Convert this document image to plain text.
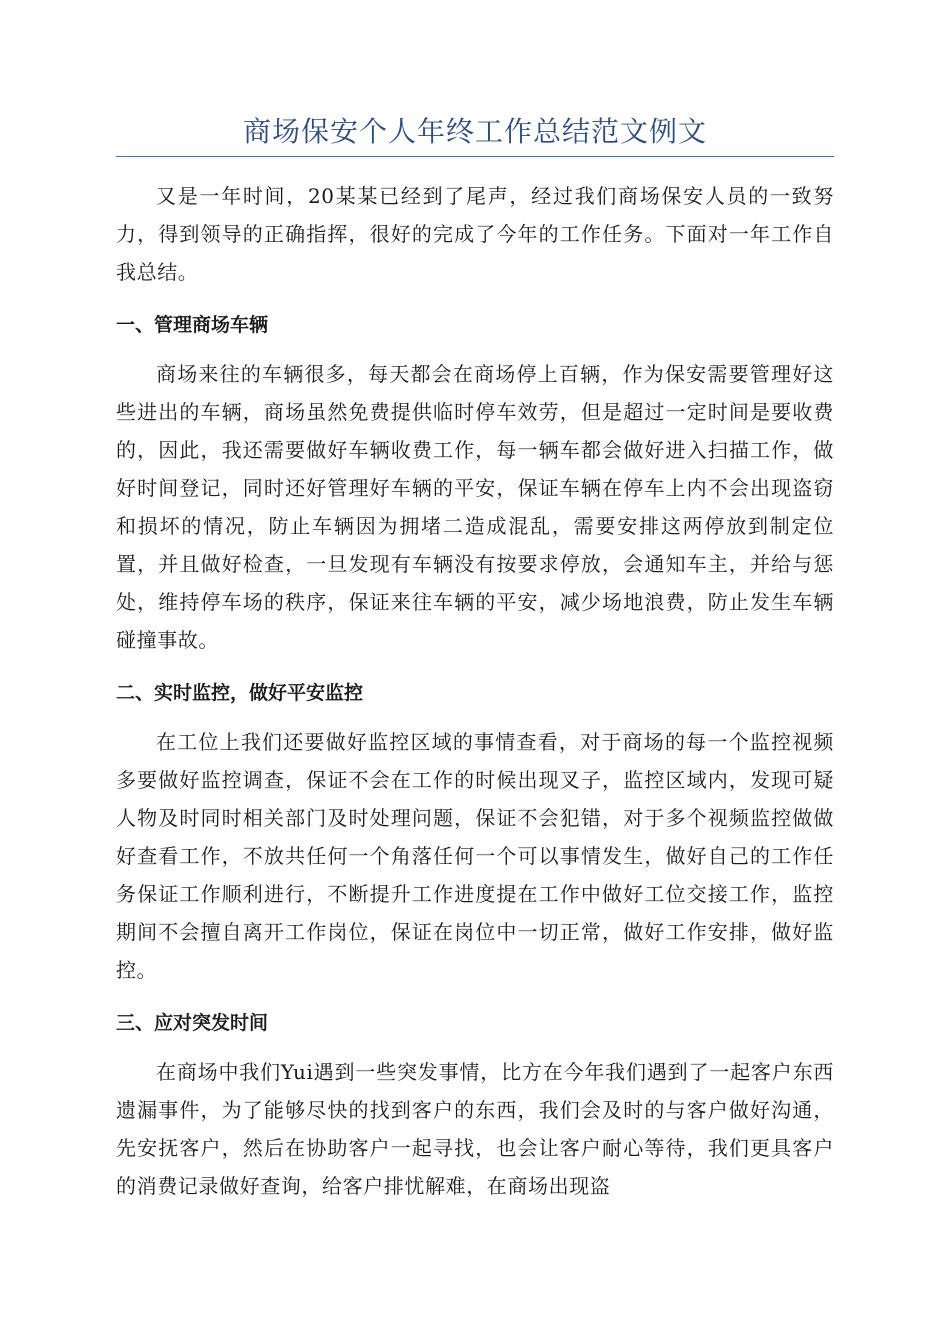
商场保安个人年终工作总结范文例文

又是一年时间，20某某已经到了尾声，经过我们商场保安人员的一致努力，得到领导的正确指挥，很好的完成了今年的工作任务。下面对一年工作自我总结。

一、管理商场车辆

商场来往的车辆很多，每天都会在商场停上百辆，作为保安需要管理好这些进出的车辆，商场虽然免费提供临时停车效劳，但是超过一定时间是要收费的，因此，我还需要做好车辆收费工作，每一辆车都会做好进入扫描工作，做好时间登记，同时还好管理好车辆的平安，保证车辆在停车上内不会出现盗窃和损坏的情况，防止车辆因为拥堵二造成混乱，需要安排这两停放到制定位置，并且做好检查，一旦发现有车辆没有按要求停放，会通知车主，并给与惩处，维持停车场的秩序，保证来往车辆的平安，减少场地浪费，防止发生车辆碰撞事故。

二、实时监控，做好平安监控

在工位上我们还要做好监控区域的事情查看，对于商场的每一个监控视频多要做好监控调查，保证不会在工作的时候出现叉子，监控区域内，发现可疑人物及时同时相关部门及时处理问题，保证不会犯错，对于多个视频监控做做好查看工作，不放共任何一个角落任何一个可以事情发生，做好自己的工作任务保证工作顺利进行，不断提升工作进度提在工作中做好工位交接工作，监控期间不会擅自离开工作岗位，保证在岗位中一切正常，做好工作安排，做好监控。

三、应对突发时间

在商场中我们Yui遇到一些突发事情，比方在今年我们遇到了一起客户东西遗漏事件，为了能够尽快的找到客户的东西，我们会及时的与客户做好沟通，先安抚客户，然后在协助客户一起寻找，也会让客户耐心等待，我们更具客户的消费记录做好查询，给客户排忧解难，在商场出现盗
